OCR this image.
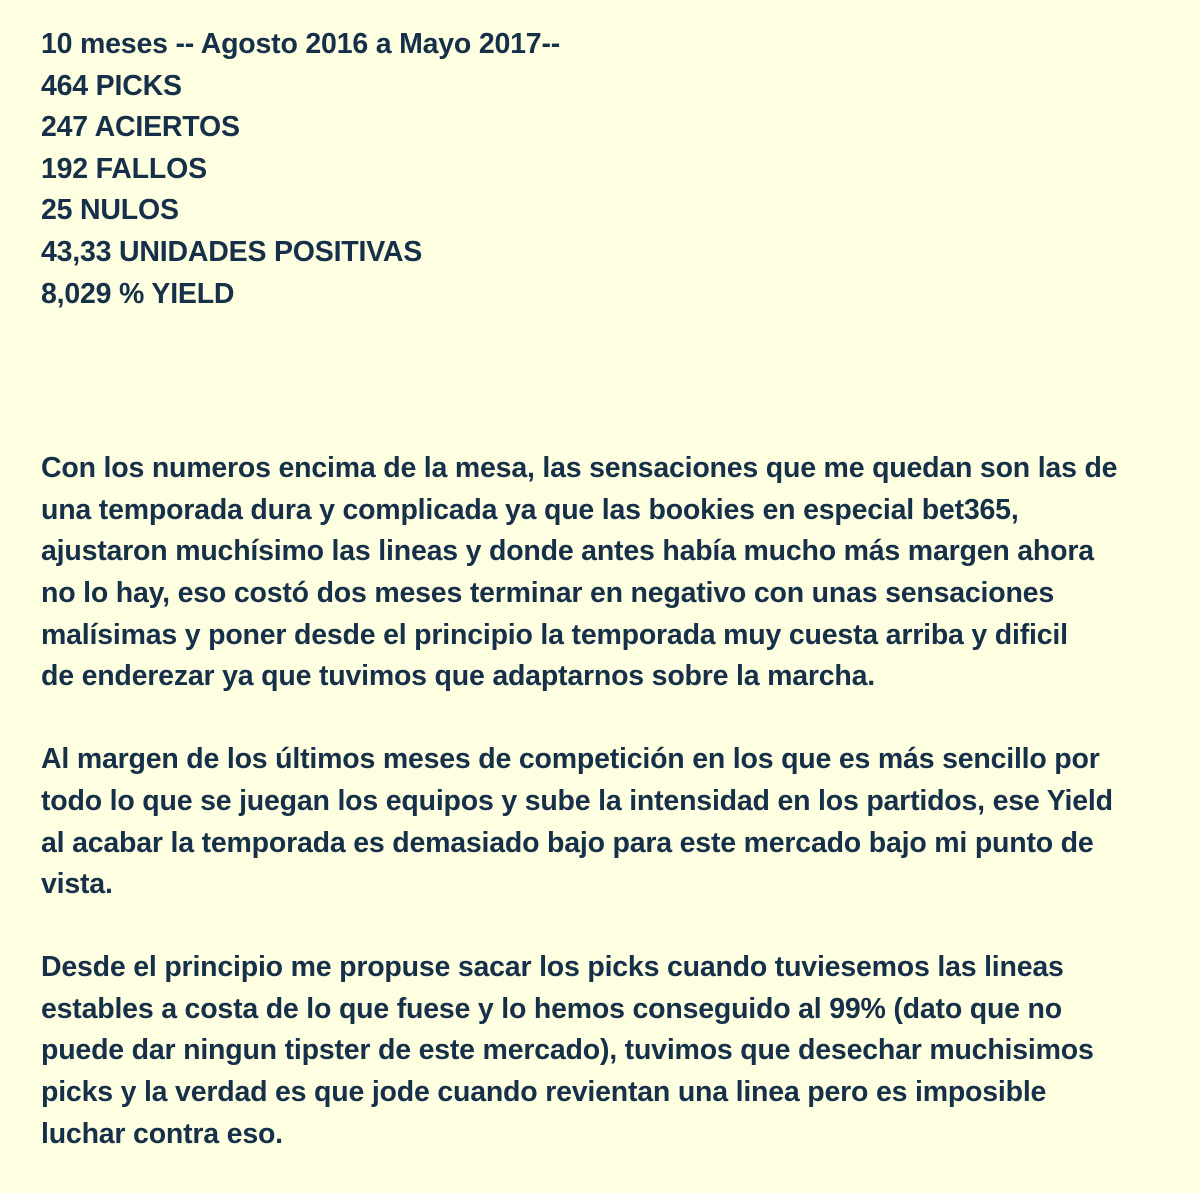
10 meses -- Agosto 2016 a Mayo 2017--
464 PICKS
247 ACIERTOS
192 FALLOS
25 NULOS
43,33 UNIDADES POSITIVAS
8,029 % YIELD
Con los numeros encima de la mesa, las sensaciones que me quedan son las de
una temporada dura y complicada ya que las bookies en especial bet365,
ajustaron muchísimo las lineas y donde antes había mucho más margen ahora
no lo hay, eso costó dos meses terminar en negativo con unas sensaciones
malísimas y poner desde el principio la temporada muy cuesta arriba y dificil
de enderezar ya que tuvimos que adaptarnos sobre la marcha.
Al margen de los últimos meses de competición en los que es más sencillo por
todo lo que se juegan los equipos y sube la intensidad en los partidos, ese Yield
al acabar la temporada es demasiado bajo para este mercado bajo mi punto de
vista.
Desde el principio me propuse sacar los picks cuando tuviesemos las lineas
estables a costa de lo que fuese y lo hemos conseguido al 99% (dato que no
puede dar ningun tipster de este mercado), tuvimos que desechar muchisimos
picks y la verdad es que jode cuando revientan una linea pero es imposible
luchar contra eso.
